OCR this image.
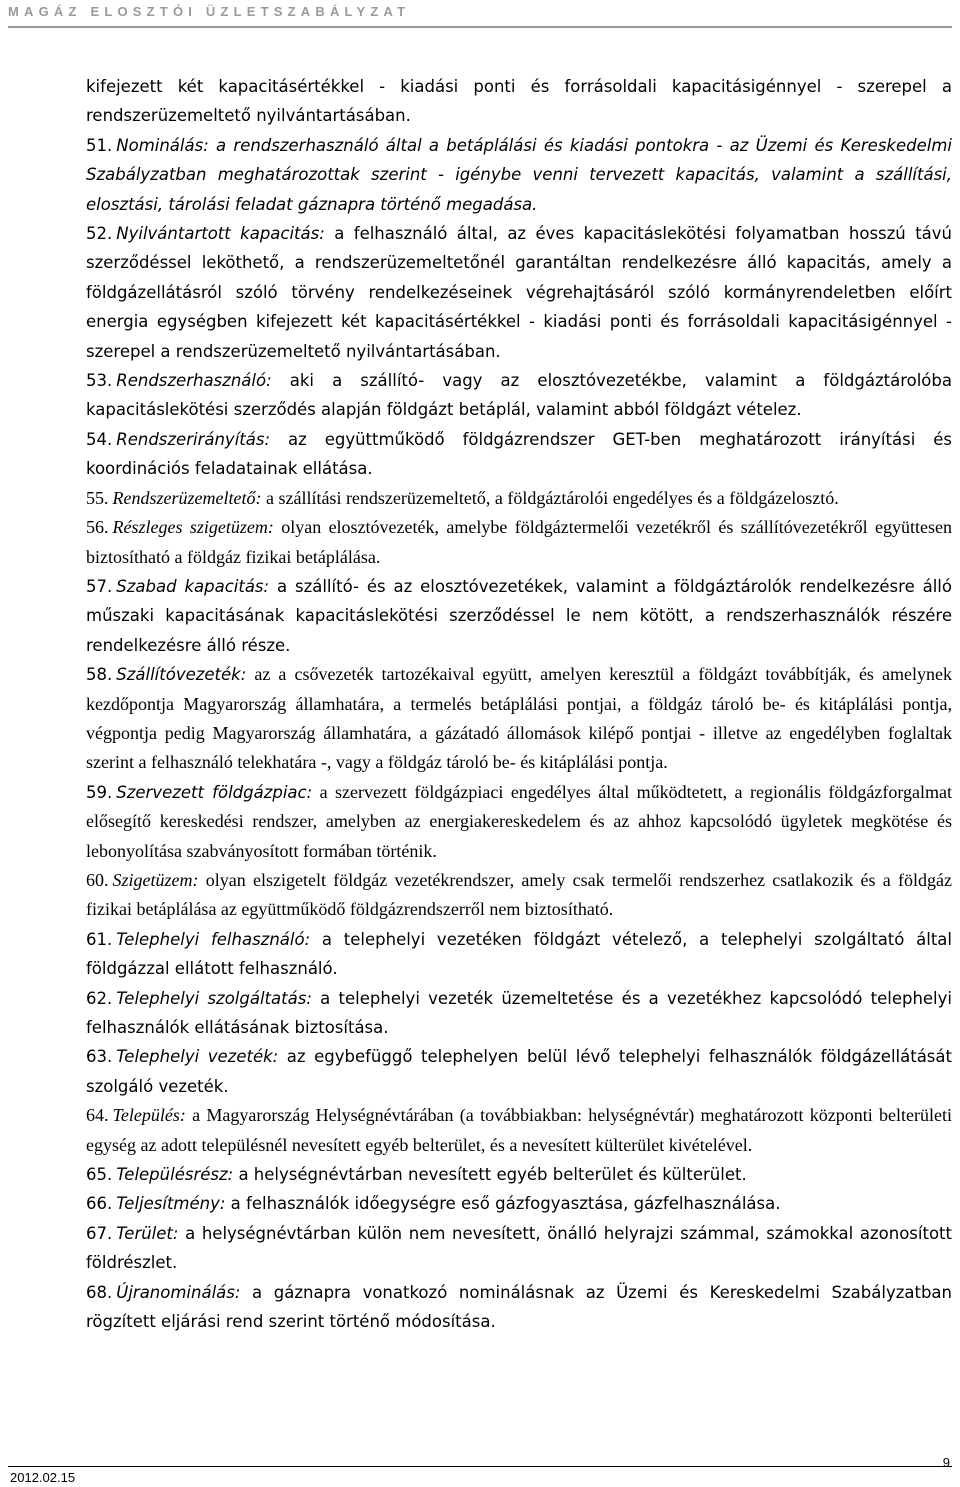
MAGÁZ ELOSZTÓI ÜZLETSZABÁLYZAT

kifejezett két kapacitásértékkel - kiadási ponti és forrásoldali kapacitásigénnyel - szerepel a rendszerüzemeltető nyilvántartásában.

51. Nominálás: a rendszerhasználó által a betáplálási és kiadási pontokra - az Üzemi és Kereskedelmi Szabályzatban meghatározottak szerint - igénybe venni tervezett kapacitás, valamint a szállítási, elosztási, tárolási feladat gáznapra történő megadása.

52. Nyilvántartott kapacitás: a felhasználó által, az éves kapacitáslekötési folyamatban hosszú távú szerződéssel leköthető, a rendszerüzemeltetőnél garantáltan rendelkezésre álló kapacitás, amely a földgázellátásról szóló törvény rendelkezéseinek végrehajtásáról szóló kormányrendeletben előírt energia egységben kifejezett két kapacitásértékkel - kiadási ponti és forrásoldali kapacitásigénnyel - szerepel a rendszerüzemeltető nyilvántartásában.

53. Rendszerhasználó: aki a szállító- vagy az elosztóvezetékbe, valamint a földgáztárolóba kapacitáslekötési szerződés alapján földgázt betáplál, valamint abból földgázt vételez.

54. Rendszerirányítás: az együttműködő földgázrendszer GET-ben meghatározott irányítási és koordinációs feladatainak ellátása.

55. Rendszerüzemeltető: a szállítási rendszerüzemeltető, a földgáztárolói engedélyes és a földgázelosztó.

56. Részleges szigetüzem: olyan elosztóvezeték, amelybe földgáztermelői vezetékről és szállítóvezetékről együttesen biztosítható a földgáz fizikai betáplálása.

57. Szabad kapacitás: a szállító- és az elosztóvezetékek, valamint a földgáztárolók rendelkezésre álló műszaki kapacitásának kapacitáslekötési szerződéssel le nem kötött, a rendszerhasználók részére rendelkezésre álló része.

58. Szállítóvezeték: az a csővezeték tartozékaival együtt, amelyen keresztül a földgázt továbbítják, és amelynek kezdőpontja Magyarország államhatára, a termelés betáplálási pontjai, a földgáz tároló be- és kitáplálási pontja, végpontja pedig Magyarország államhatára, a gázátadó állomások kilépő pontjai - illetve az engedélyben foglaltak szerint a felhasználó telekhatára -, vagy a földgáz tároló be- és kitáplálási pontja.

59. Szervezett földgázpiac: a szervezett földgázpiaci engedélyes által működtetett, a regionális földgázforgalmat elősegítő kereskedési rendszer, amelyben az energiakereskedelem és az ahhoz kapcsolódó ügyletek megkötése és lebonyolítása szabványosított formában történik.

60. Szigetüzem: olyan elszigetelt földgáz vezetékrendszer, amely csak termelői rendszerhez csatlakozik és a földgáz fizikai betáplálása az együttműködő földgázrendszerről nem biztosítható.

61. Telephelyi felhasználó: a telephelyi vezetéken földgázt vételező, a telephelyi szolgáltató által földgázzal ellátott felhasználó.

62. Telephelyi szolgáltatás: a telephelyi vezeték üzemeltetése és a vezetékhez kapcsolódó telephelyi felhasználók ellátásának biztosítása.

63. Telephelyi vezeték: az egybefüggő telephelyen belül lévő telephelyi felhasználók földgázellátását szolgáló vezeték.

64. Település: a Magyarország Helységnévtárában (a továbbiakban: helységnévtár) meghatározott központi belterületi egység az adott településnél nevesített egyéb belterület, és a nevesített külterület kivételével.

65. Településrész: a helységnévtárban nevesített egyéb belterület és külterület.

66. Teljesítmény: a felhasználók időegységre eső gázfogyasztása, gázfelhasználása.

67. Terület: a helységnévtárban külön nem nevesített, önálló helyrajzi számmal, számokkal azonosított földrészlet.

68. Újranominálás: a gáznapra vonatkozó nominálásnak az Üzemi és Kereskedelmi Szabályzatban rögzített eljárási rend szerint történő módosítása.

2012.02.15
9
